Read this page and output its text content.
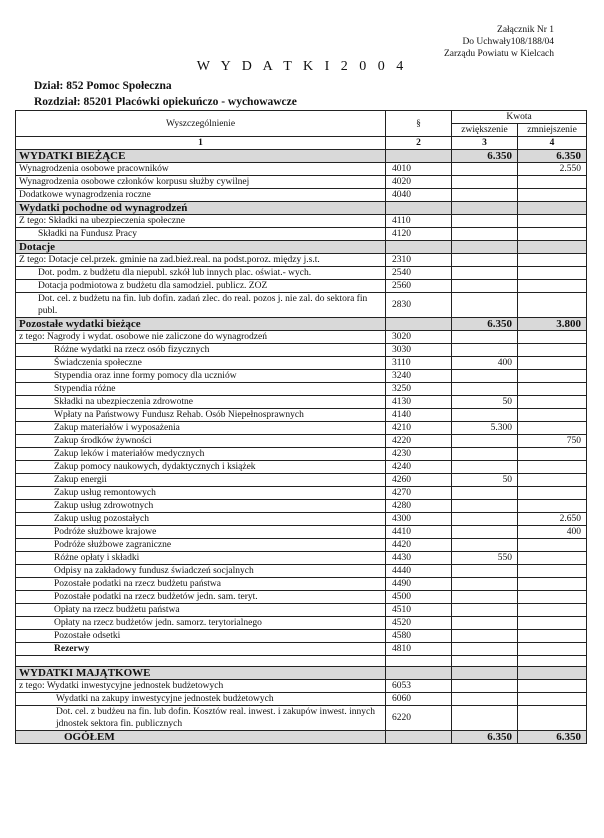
Załącznik Nr 1
Do Uchwały108/188/04
Zarządu Powiatu w Kielcach
W Y D A T K I 2 0 0 4
Dział: 852 Pomoc Społeczna
Rozdział: 85201 Placówki opiekuńczo - wychowawcze
Wyszczególnienie	§	Kwota	
		zwiększenie	zmniejszenie
1	2	3	4
WYDATKI BIEŻĄCE		6.350	6.350
Wynagrodzenia osobowe pracowników	4010		2.550
Wynagrodzenia osobowe członków korpusu służby cywilnej	4020		
Dodatkowe wynagrodzenia roczne	4040		
Wydatki pochodne od wynagrodzeń			
Z tego: Składki na ubezpieczenia społeczne	4110		
Składki na Fundusz Pracy	4120		
Dotacje			
Z tego: Dotacje cel.przek. gminie na zad.bież.real. na podst.poroz. między j.s.t.	2310		
Dot. podm. z budżetu dla niepubl. szkół lub innych plac. oświat.- wych.	2540		
Dotacja podmiotowa z budżetu dla samodziel. publicz. ZOZ	2560		
Dot. cel. z budżetu na fin. lub dofin. zadań zlec. do real. pozos j. nie zal. do sektora fin publ.	2830		
Pozostałe wydatki bieżące		6.350	3.800
z tego: Nagrody i wydat. osobowe nie zaliczone do wynagrodzeń	3020		
Różne wydatki na rzecz osób fizycznych	3030		
Świadczenia społeczne	3110	400	
Stypendia oraz inne formy pomocy dla uczniów	3240		
Stypendia różne	3250		
Składki na ubezpieczenia zdrowotne	4130	50	
Wpłaty na Państwowy Fundusz Rehab. Osób Niepełnosprawnych	4140		
Zakup materiałów i wyposażenia	4210	5.300	
Zakup środków żywności	4220		750
Zakup leków i materiałów medycznych	4230		
Zakup pomocy naukowych, dydaktycznych i książek	4240		
Zakup energii	4260	50	
Zakup usług remontowych	4270		
Zakup usług zdrowotnych	4280		
Zakup usług pozostałych	4300		2.650
Podróże służbowe krajowe	4410		400
Podróże służbowe zagraniczne	4420		
Różne opłaty i składki	4430	550	
Odpisy na zakładowy fundusz świadczeń socjalnych	4440		
Pozostałe podatki na rzecz budżetu państwa	4490		
Pozostałe podatki na rzecz budżetów jedn. sam. teryt.	4500		
Opłaty na rzecz budżetu państwa	4510		
Opłaty na rzecz budżetów jedn. samorz. terytorialnego	4520		
Pozostałe odsetki	4580		
Rezerwy	4810		

WYDATKI MAJĄTKOWE			
z tego: Wydatki inwestycyjne jednostek budżetowych	6053		
Wydatki na zakupy inwestycyjne jednostek budżetowych	6060		
Dot. cel. z budżeu na fin. lub dofin. Kosztów real. inwest. i zakupów inwest. innych jdnostek sektora fin. publicznych	6220		
OGÓŁEM		6.350	6.350
